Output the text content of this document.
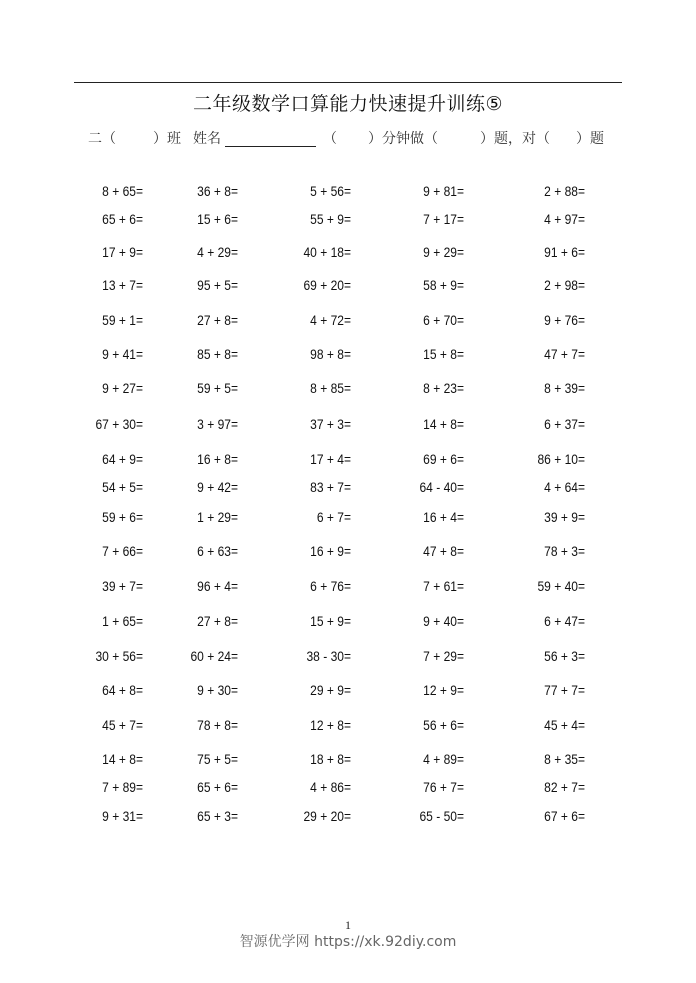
二年级数学口算能力快速提升训练⑤
二（	）班 姓名	（ ）分钟做（	）题，对（ ）题
8 + 65=	36 + 8=	5 + 56=	9 + 81=	2 + 88=
65 + 6=	15 + 6=	55 + 9=	7 + 17=	4 + 97=
17 + 9=	4 + 29=	40 + 18=	9 + 29=	91 + 6=
13 + 7=	95 + 5=	69 + 20=	58 + 9=	2 + 98=
59 + 1=	27 + 8=	4 + 72=	6 + 70=	9 + 76=
9 + 41=	85 + 8=	98 + 8=	15 + 8=	47 + 7=
9 + 27=	59 + 5=	8 + 85=	8 + 23=	8 + 39=
67 + 30=	3 + 97=	37 + 3=	14 + 8=	6 + 37=
64 + 9=	16 + 8=	17 + 4=	69 + 6=	86 + 10=
54 + 5=	9 + 42=	83 + 7=	64 - 40=	4 + 64=
59 + 6=	1 + 29=	6 + 7=	16 + 4=	39 + 9=
7 + 66=	6 + 63=	16 + 9=	47 + 8=	78 + 3=
39 + 7=	96 + 4=	6 + 76=	7 + 61=	59 + 40=
1 + 65=	27 + 8=	15 + 9=	9 + 40=	6 + 47=
30 + 56=	60 + 24=	38 - 30=	7 + 29=	56 + 3=
64 + 8=	9 + 30=	29 + 9=	12 + 9=	77 + 7=
45 + 7=	78 + 8=	12 + 8=	56 + 6=	45 + 4=
14 + 8=	75 + 5=	18 + 8=	4 + 89=	8 + 35=
7 + 89=	65 + 6=	4 + 86=	76 + 7=	82 + 7=
9 + 31=	65 + 3=	29 + 20=	65 - 50=	67 + 6=
1
智源优学网 https://xk.92diy.com
